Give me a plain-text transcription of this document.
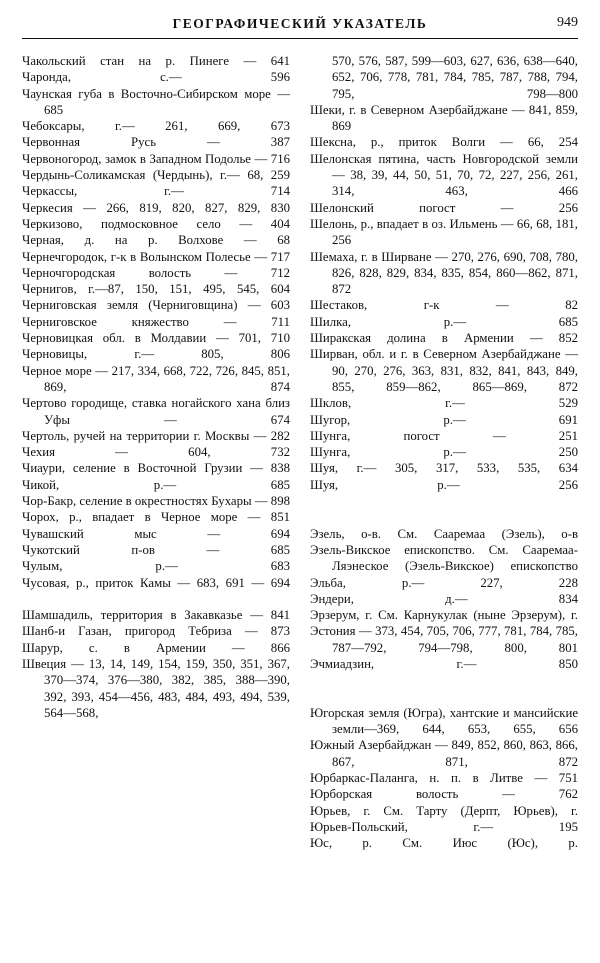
ГЕОГРАФИЧЕСКИЙ УКАЗАТЕЛЬ	949
Чакольский стан на р. Пинеге — 641
Чаронда, с.— 596
Чаунская губа в Восточно-Сибирском море — 685
Чебоксары, г.— 261, 669, 673
Червонная Русь — 387
Червоногород, замок в Западном Подолье — 716
Чердынь-Соликамская (Чердынь), г.— 68, 259
Черкассы, г.— 714
Черкесия — 266, 819, 820, 827, 829, 830
Черкизово, подмосковное село — 404
Черная, д. на р. Волхове — 68
Чернечгородок, г-к в Волынском Полесье — 717
Черночгородская волость — 712
Чернигов, г.—87, 150, 151, 495, 545, 604
Черниговская земля (Черниговщина) — 603
Черниговское княжество — 711
Черновицкая обл. в Молдавии — 701, 710
Черновицы, г.— 805, 806
Черное море — 217, 334, 668, 722, 726, 845, 851, 869, 874
Чертово городище, ставка ногайского хана близ Уфы — 674
Чертоль, ручей на территории г. Москвы — 282
Чехия — 604, 732
Чиаури, селение в Восточной Грузии — 838
Чикой, р.— 685
Чор-Бакр, селение в окрестностях Бухары — 898
Чорох, р., впадает в Черное море — 851
Чувашский мыс — 694
Чукотский п-ов — 685
Чулым, р.— 683
Чусовая, р., приток Камы — 683, 691 — 694
Шамшадиль, территория в Закавказье — 841
Шанб-и Газан, пригород Тебриза — 873
Шарур, с. в Армении — 866
Швеция — 13, 14, 149, 154, 159, 350, 351, 367, 370—374, 376—380, 382, 385, 388—390, 392, 393, 454—456, 483, 484, 493, 494, 539, 564—568,
570, 576, 587, 599—603, 627, 636, 638—640, 652, 706, 778, 781, 784, 785, 787, 788, 794, 795, 798—800
Шеки, г. в Северном Азербайджане — 841, 859, 869
Шексна, р., приток Волги — 66, 254
Шелонская пятина, часть Новгородской земли — 38, 39, 44, 50, 51, 70, 72, 227, 256, 261, 314, 463, 466
Шелонский погост — 256
Шелонь, р., впадает в оз. Ильмень — 66, 68, 181, 256
Шемаха, г. в Ширване — 270, 276, 690, 708, 780, 826, 828, 829, 834, 835, 854, 860—862, 871, 872
Шестаков, г-к — 82
Шилка, р.— 685
Ширакская долина в Армении — 852
Ширван, обл. и г. в Северном Азербайджане — 90, 270, 276, 363, 831, 832, 841, 843, 849, 855, 859—862, 865—869, 872
Шклов, г.— 529
Шугор, р.— 691
Шунга, погост — 251
Шунга, р.— 250
Шуя, г.— 305, 317, 533, 535, 634
Шуя, р.— 256
Эзель, о-в. См. Сааремаа (Эзель), о-в
Эзель-Викское епископство. См. Сааремаа-Ляэнеское (Эзель-Викское) епископство
Эльба, р.— 227, 228
Эндери, д.— 834
Эрзерум, г. См. Карнукулак (ныне Эрзерум), г.
Эстония — 373, 454, 705, 706, 777, 781, 784, 785, 787—792, 794—798, 800, 801
Эчмиадзин, г.— 850
Югорская земля (Югра), хантские и мансийские земли—369, 644, 653, 655, 656
Южный Азербайджан — 849, 852, 860, 863, 866, 867, 871, 872
Юрбаркас-Паланга, н. п. в Литве — 751
Юрборская волость — 762
Юрьев, г. См. Тарту (Дерпт, Юрьев), г.
Юрьев-Польский, г.— 195
Юс, р. См. Июс (Юс), р.
